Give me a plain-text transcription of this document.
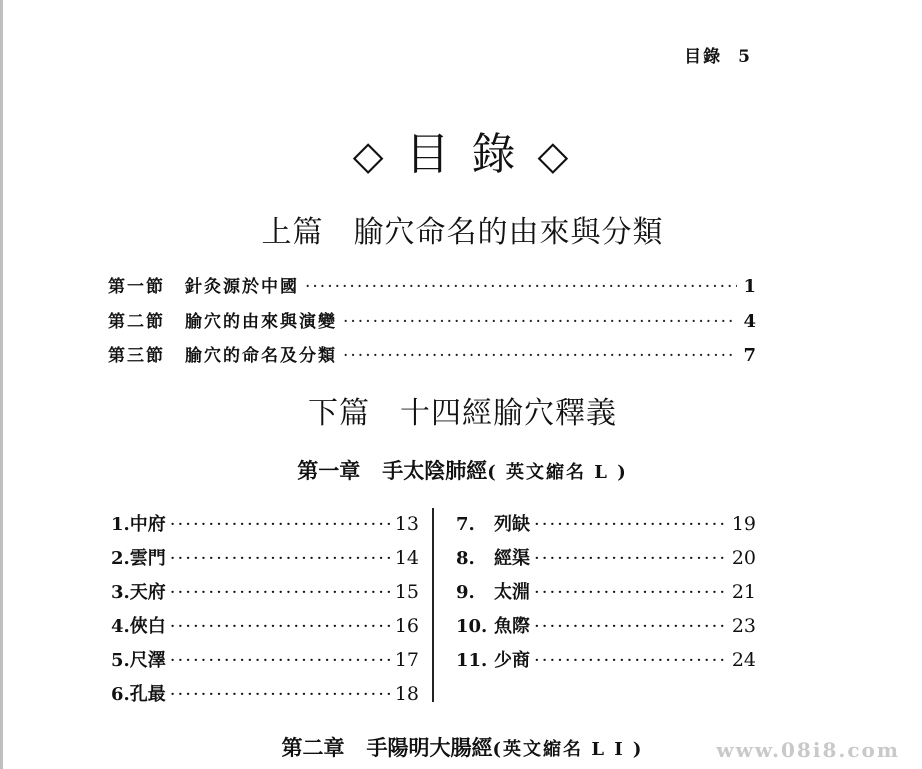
目錄 5
◇ 目 錄 ◇
上篇 腧穴命名的由來與分類
第一節 針灸源於中國 ·····	1
第二節 腧穴的由來與演變 ·····	4
第三節 腧穴的命名及分類 ·····	7
下篇 十四經腧穴釋義
第一章 手太陰肺經( 英文縮名 L )
1.中府 ·····	13
2.雲門 ·····	14
3.天府 ·····	15
4.俠白 ·····	16
5.尺澤 ·····	17
6.孔最 ·····	18
7. 列缺 ·····	19
8. 經渠 ·····	20
9. 太淵 ·····	21
10. 魚際 ·····	23
11. 少商 ·····	24
第二章 手陽明大腸經(英文縮名 L I )	www.08i8.com
